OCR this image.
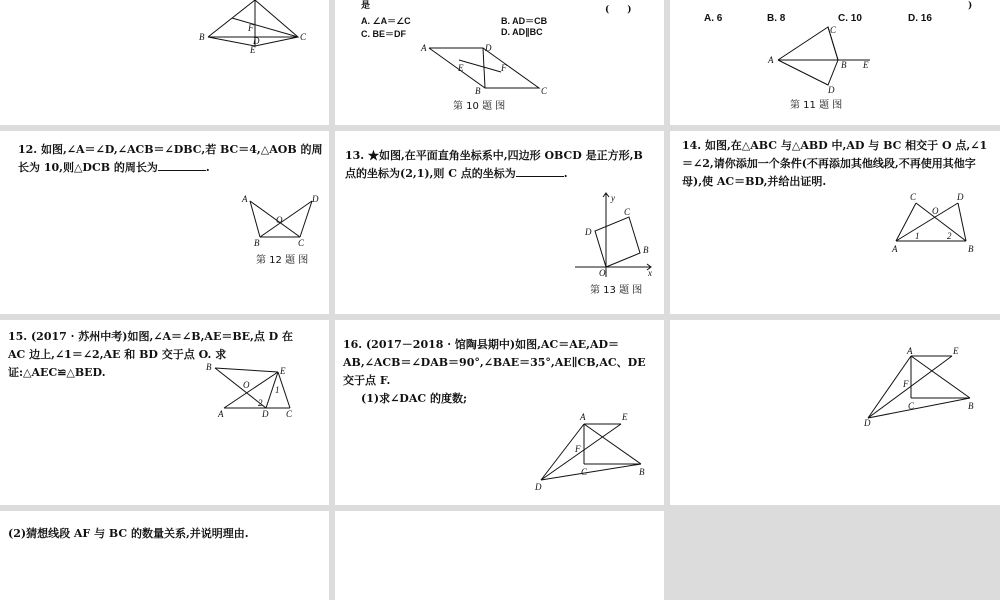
F
B	D	C
E
是	(　　)
A. ∠A＝∠C	B. AD＝CB
C. BE＝DF	D. AD∥BC
A	D
E	F
B	C
第 10 题 图
)
A. 6	B. 8	C. 10	D. 16
C
A	B E
D
第 11 题 图
12. 如图,∠A＝∠D,∠ACB＝∠DBC,若 BC＝4,△AOB 的周长为 10,则△DCB 的周长为	.
A	D
O
B	C
第 12 题 图
13. ★如图,在平面直角坐标系中,四边形 OBCD 是正方形,B 点的坐标为(2,1),则 C 点的坐标为	.
y
C
D
B
O	x
第 13 题 图
14. 如图,在△ABC 与△ABD 中,AD 与 BC 相交于 O 点,∠1＝∠2,请你添加一个条件(不再添加其他线段,不再使用其他字母),使 AC＝BD,并给出证明.
C
O
D
1	2
A	B
15. (2017 · 苏州中考)如图,∠A＝∠B,AE＝BE,点 D 在 AC 边上,∠1＝∠2,AE 和 BD 交于点 O. 求证:△AEC≌△BED.	B	E
O	1
2
A	D C
16. (2017－2018 · 馆陶县期中)如图,AC＝AE,AD＝AB,∠ACB＝∠DAB＝90°,∠BAE＝35°,AE∥CB,AC、DE 交于点 F.
(1)求∠DAC 的度数;
A	E
F
C	B
D
A	E
F
C	B
D
(2)猜想线段 AF 与 BC 的数量关系,并说明理由.
